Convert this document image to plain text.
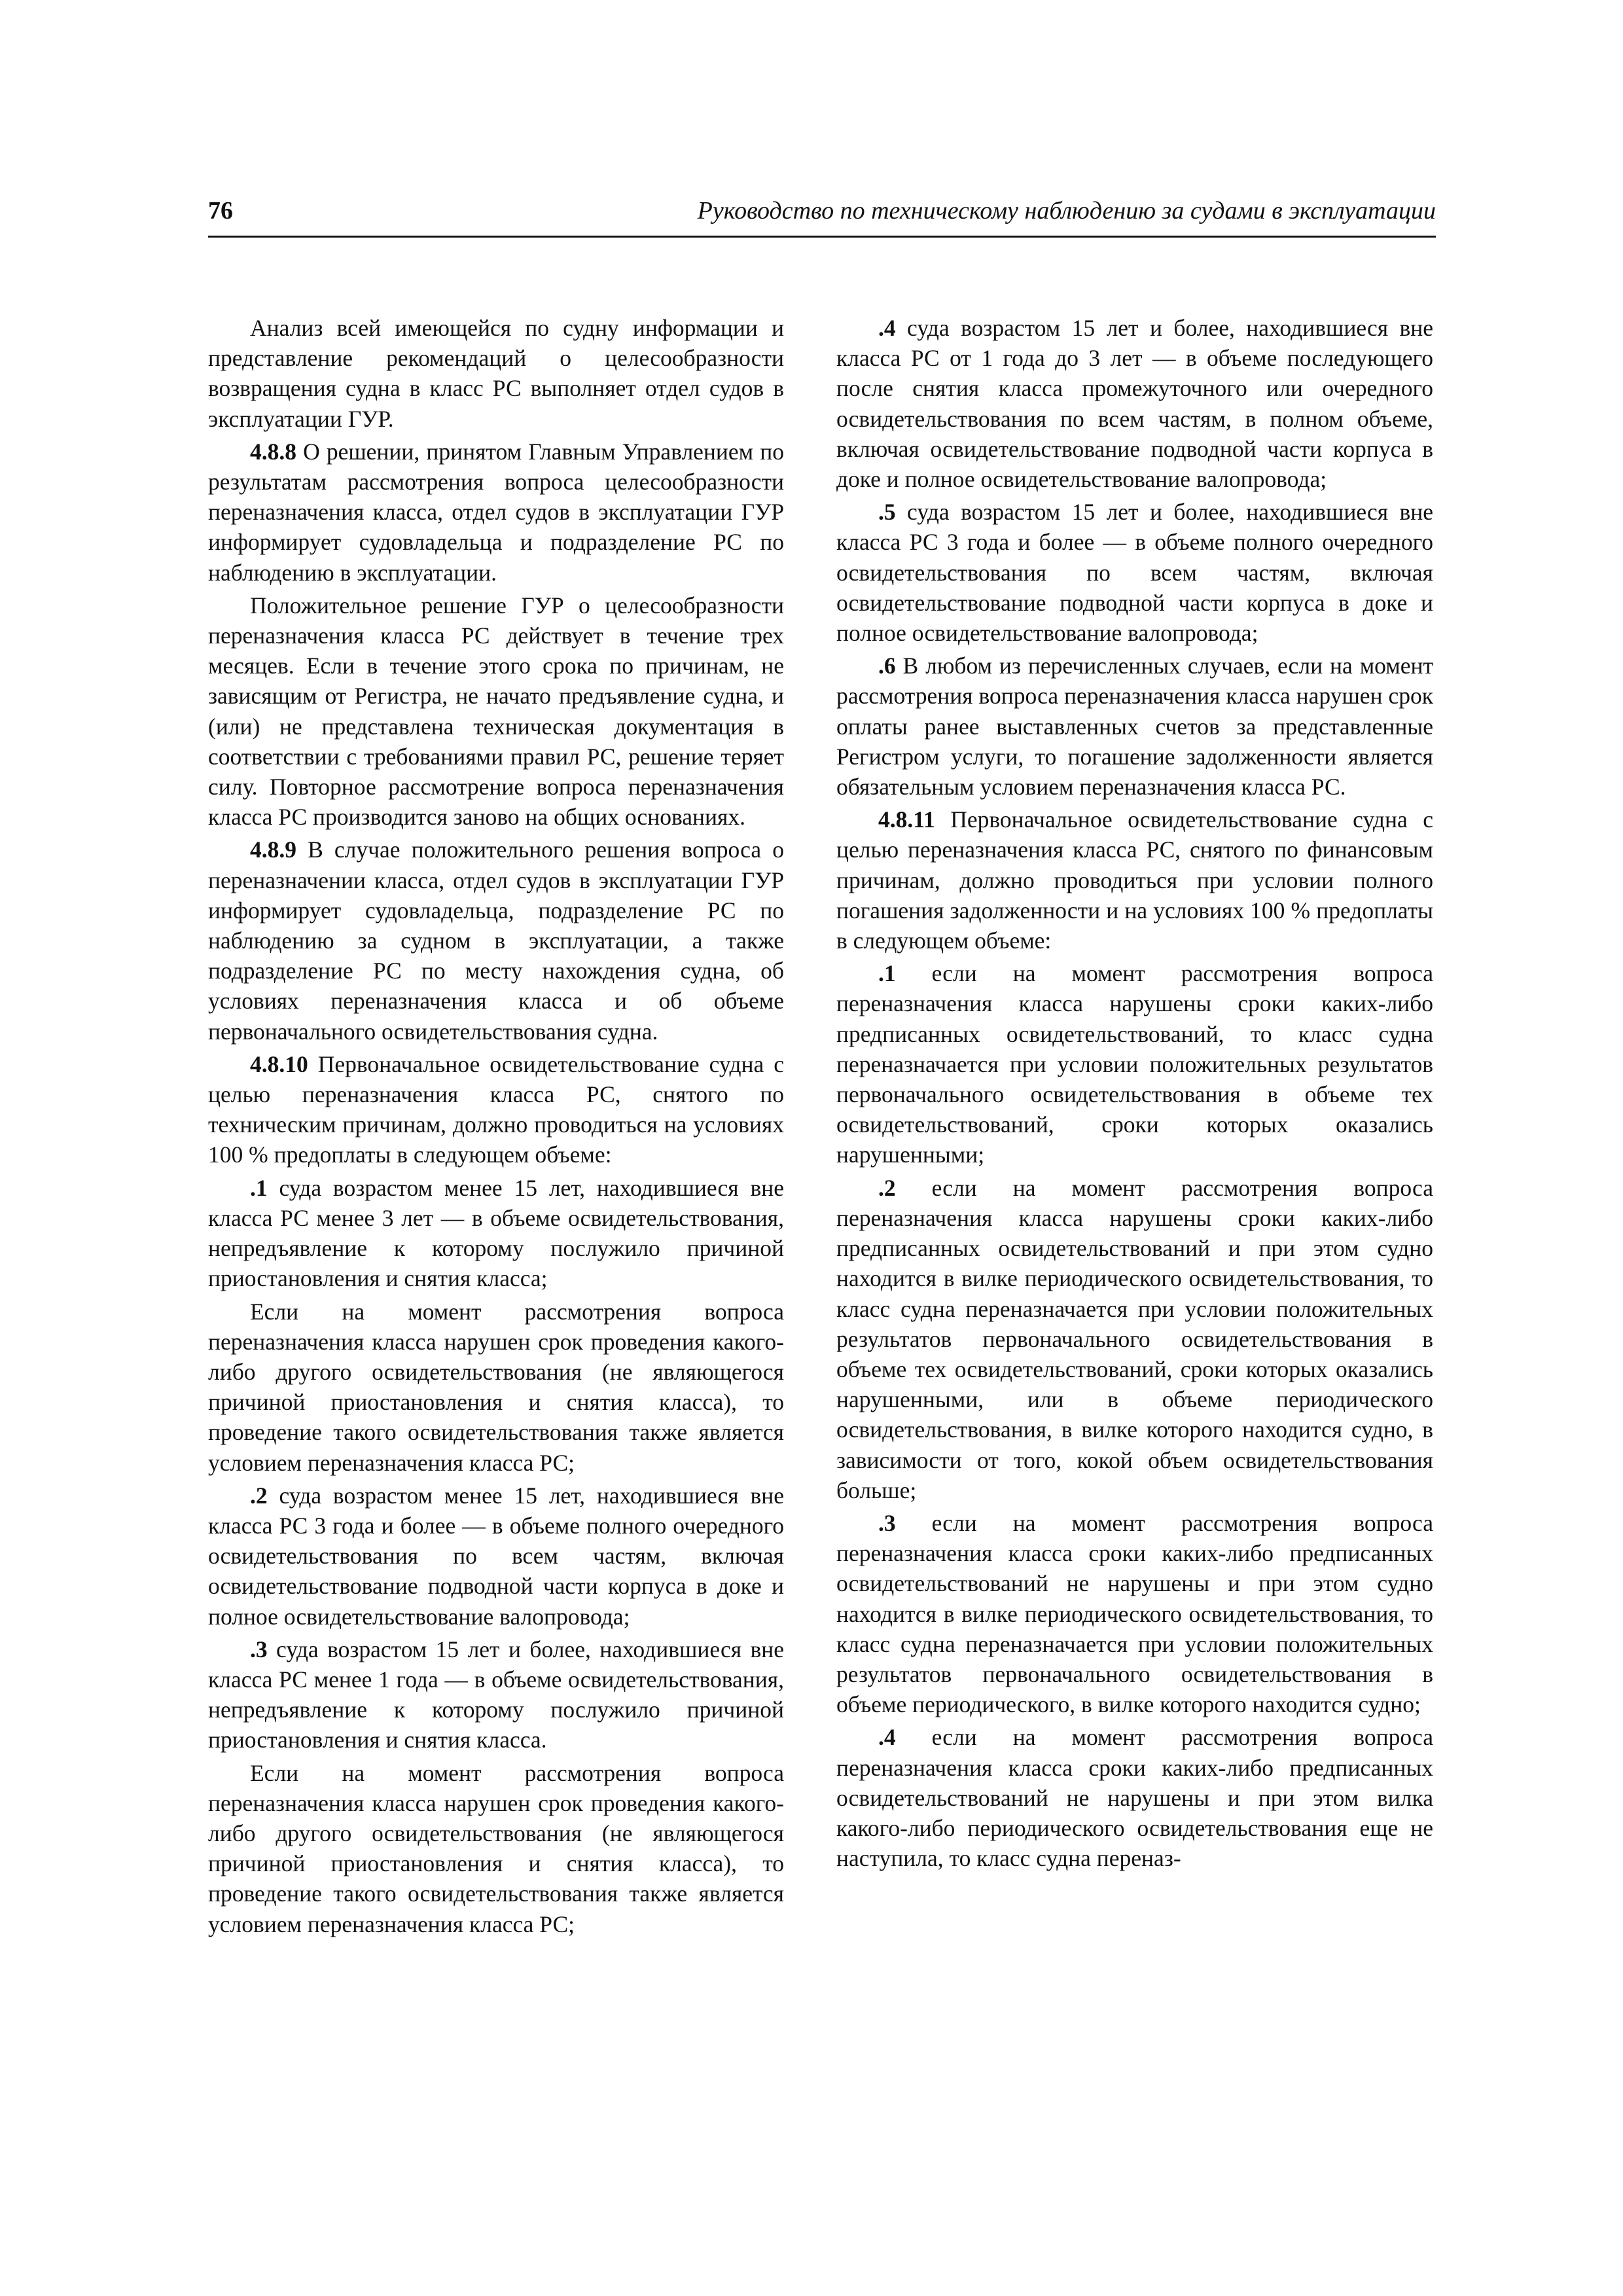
76	Руководство по техническому наблюдению за судами в эксплуатации

Анализ всей имеющейся по судну информации и представление рекомендаций о целесообразности возвращения судна в класс РС выполняет отдел судов в эксплуатации ГУР.

4.8.8 О решении, принятом Главным Управлением по результатам рассмотрения вопроса целесообразности переназначения класса, отдел судов в эксплуатации ГУР информирует судовладельца и подразделение РС по наблюдению в эксплуатации.

Положительное решение ГУР о целесообразности переназначения класса РС действует в течение трех месяцев. Если в течение этого срока по причинам, не зависящим от Регистра, не начато предъявление судна, и (или) не представлена техническая документация в соответствии с требованиями правил РС, решение теряет силу. Повторное рассмотрение вопроса переназначения класса РС производится заново на общих основаниях.

4.8.9 В случае положительного решения вопроса о переназначении класса, отдел судов в эксплуатации ГУР информирует судовладельца, подразделение РС по наблюдению за судном в эксплуатации, а также подразделение РС по месту нахождения судна, об условиях переназначения класса и об объеме первоначального освидетельствования судна.

4.8.10 Первоначальное освидетельствование судна с целью переназначения класса РС, снятого по техническим причинам, должно проводиться на условиях 100 % предоплаты в следующем объеме:

.1 суда возрастом менее 15 лет, находившиеся вне класса РС менее 3 лет — в объеме освидетельствования, непредъявление к которому послужило причиной приостановления и снятия класса;

Если на момент рассмотрения вопроса переназначения класса нарушен срок проведения какого-либо другого освидетельствования (не являющегося причиной приостановления и снятия класса), то проведение такого освидетельствования также является условием переназначения класса РС;

.2 суда возрастом менее 15 лет, находившиеся вне класса РС 3 года и более — в объеме полного очередного освидетельствования по всем частям, включая освидетельствование подводной части корпуса в доке и полное освидетельствование валопровода;

.3 суда возрастом 15 лет и более, находившиеся вне класса РС менее 1 года — в объеме освидетельствования, непредъявление к которому послужило причиной приостановления и снятия класса.

Если на момент рассмотрения вопроса переназначения класса нарушен срок проведения какого-либо другого освидетельствования (не являющегося причиной приостановления и снятия класса), то проведение такого освидетельствования также является условием переназначения класса РС;

.4 суда возрастом 15 лет и более, находившиеся вне класса РС от 1 года до 3 лет — в объеме последующего после снятия класса промежуточного или очередного освидетельствования по всем частям, в полном объеме, включая освидетельствование подводной части корпуса в доке и полное освидетельствование валопровода;

.5 суда возрастом 15 лет и более, находившиеся вне класса РС 3 года и более — в объеме полного очередного освидетельствования по всем частям, включая освидетельствование подводной части корпуса в доке и полное освидетельствование валопровода;

.6 В любом из перечисленных случаев, если на момент рассмотрения вопроса переназначения класса нарушен срок оплаты ранее выставленных счетов за представленные Регистром услуги, то погашение задолженности является обязательным условием переназначения класса РС.

4.8.11 Первоначальное освидетельствование судна с целью переназначения класса РС, снятого по финансовым причинам, должно проводиться при условии полного погашения задолженности и на условиях 100 % предоплаты в следующем объеме:

.1 если на момент рассмотрения вопроса переназначения класса нарушены сроки каких-либо предписанных освидетельствований, то класс судна переназначается при условии положительных результатов первоначального освидетельствования в объеме тех освидетельствований, сроки которых оказались нарушенными;

.2 если на момент рассмотрения вопроса переназначения класса нарушены сроки каких-либо предписанных освидетельствований и при этом судно находится в вилке периодического освидетельствования, то класс судна переназначается при условии положительных результатов первоначального освидетельствования в объеме тех освидетельствований, сроки которых оказались нарушенными, или в объеме периодического освидетельствования, в вилке которого находится судно, в зависимости от того, кокой объем освидетельствования больше;

.3 если на момент рассмотрения вопроса переназначения класса сроки каких-либо предписанных освидетельствований не нарушены и при этом судно находится в вилке периодического освидетельствования, то класс судна переназначается при условии положительных результатов первоначального освидетельствования в объеме периодического, в вилке которого находится судно;

.4 если на момент рассмотрения вопроса переназначения класса сроки каких-либо предписанных освидетельствований не нарушены и при этом вилка какого-либо периодического освидетельствования еще не наступила, то класс судна переназ-
